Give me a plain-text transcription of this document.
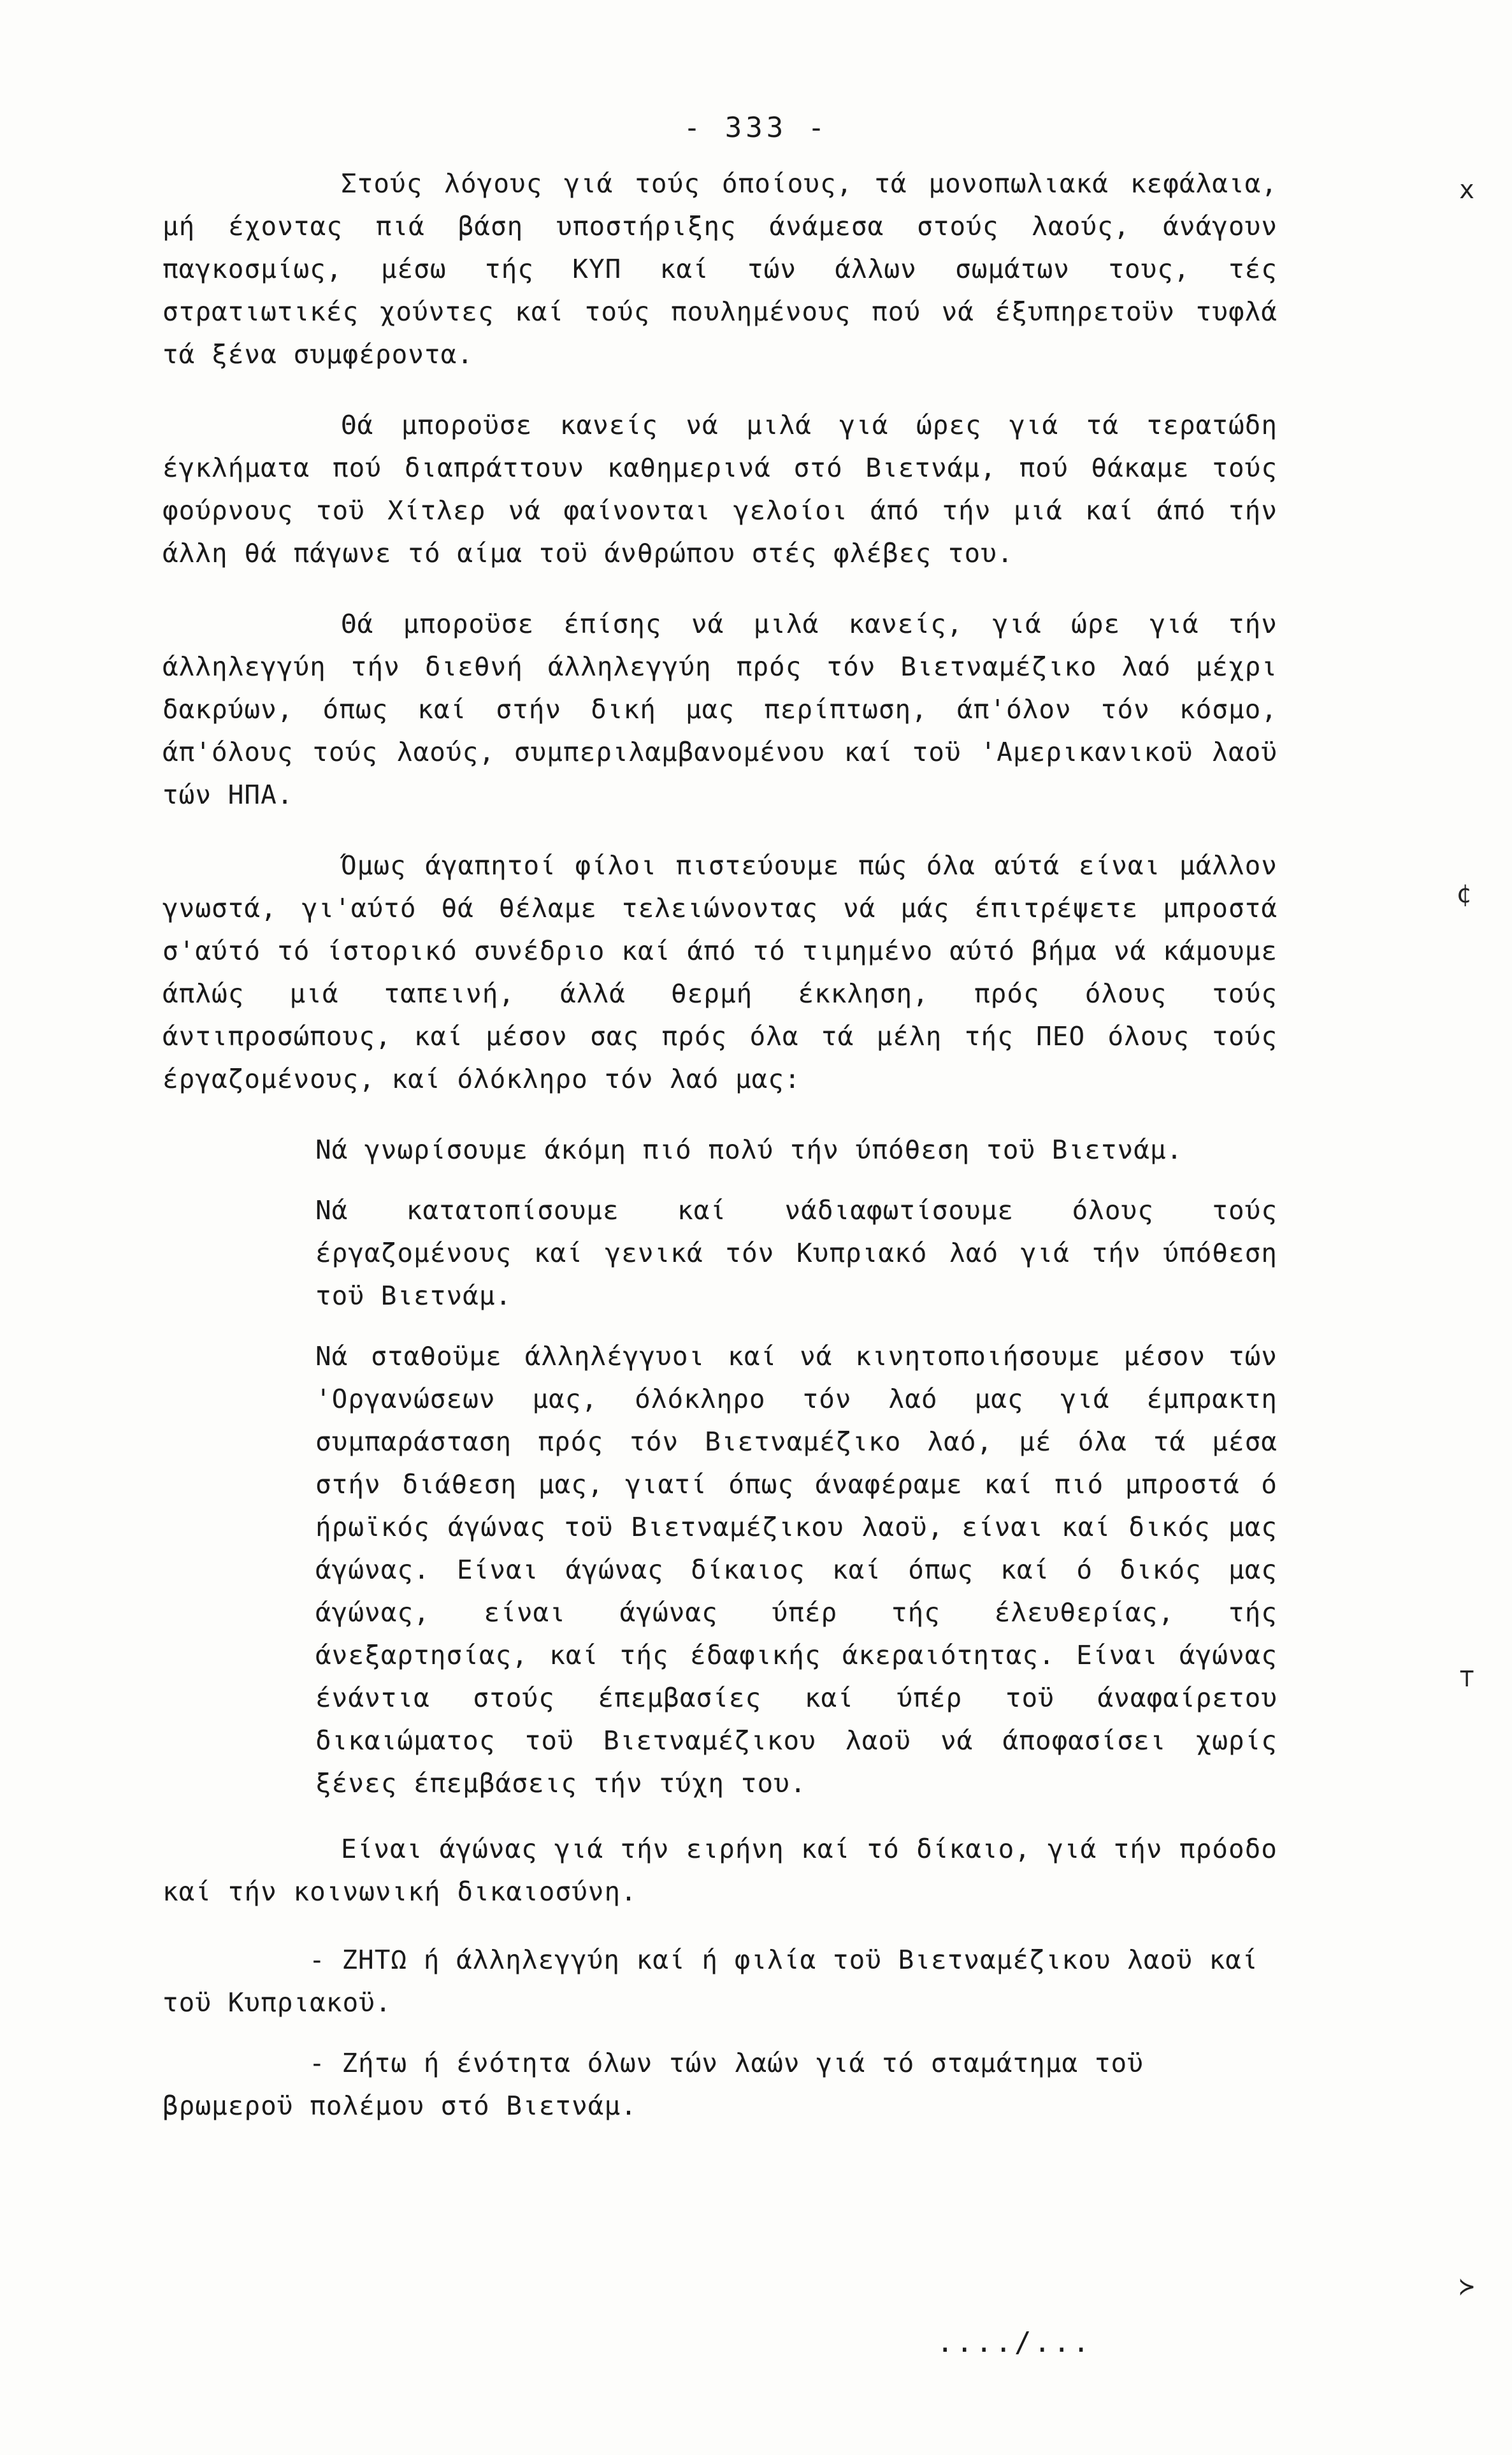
- 333 -

Στούς λόγους γιά τούς όποίους, τά μονοπωλιακά κεφάλαια, μή έχοντας πιά βάση υποστήριξης άνάμεσα στούς λαούς, άνάγουν παγκοσμίως, μέσω τής ΚΥΠ καί τών άλλων σωμάτων τους, τές στρατιωτικές χούντες καί τούς πουλημένους πού νά έξυπηρετοϋν τυφλά τά ξένα συμφέροντα.

Θά μποροϋσε κανείς νά μιλά γιά ώρες γιά τά τερατώδη έγκλήματα πού διαπράττουν καθημερινά στό Βιετνάμ, πού θάκαμε τούς φούρνους τοϋ Χίτλερ νά φαίνονται γελοίοι άπό τήν μιά καί άπό τήν άλλη θά πάγωνε τό αίμα τοϋ άνθρώπου στές φλέβες του.

Θά μποροϋσε έπίσης νά μιλά κανείς, γιά ώρε γιά τήν άλληλεγγύη τήν διεθνή άλληλεγγύη πρός τόν Βιετναμέζικο λαό μέχρι δακρύων, όπως καί στήν δική μας περίπτωση, άπ'όλον τόν κόσμο, άπ'όλους τούς λαούς, συμπεριλαμβανομένου καί τοϋ 'Αμερικανικοϋ λαοϋ τών ΗΠΑ.

Όμως άγαπητοί φίλοι πιστεύουμε πώς όλα αύτά είναι μάλλον γνωστά, γι'αύτό θά θέλαμε τελειώνοντας νά μάς έπιτρέψετε μπροστά σ'αύτό τό ίστορικό συνέδριο καί άπό τό τιμημένο αύτό βήμα νά κάμουμε άπλώς μιά ταπεινή, άλλά θερμή έκκληση, πρός όλους τούς άντιπροσώπους, καί μέσον σας πρός όλα τά μέλη τής ΠΕΟ όλους τούς έργαζομένους, καί όλόκληρο τόν λαό μας:

Νά γνωρίσουμε άκόμη πιό πολύ τήν ύπόθεση τοϋ Βιετνάμ.

Νά κατατοπίσουμε καί νάδιαφωτίσουμε όλους τούς έργαζομένους καί γενικά τόν Κυπριακό λαό γιά τήν ύπόθεση τοϋ Βιετνάμ.

Νά σταθοϋμε άλληλέγγυοι καί νά κινητοποιήσουμε μέσον τών 'Οργανώσεων μας, όλόκληρο τόν λαό μας γιά έμπρακτη συμπαράσταση πρός τόν Βιετναμέζικο λαό, μέ όλα τά μέσα στήν διάθεση μας, γιατί όπως άναφέραμε καί πιό μπροστά ό ήρωϊκός άγώνας τοϋ Βιετναμέζικου λαοϋ, είναι καί δικός μας άγώνας. Είναι άγώνας δίκαιος καί όπως καί ό δικός μας άγώνας, είναι άγώνας ύπέρ τής έλευθερίας, τής άνεξαρτησίας, καί τής έδαφικής άκεραιότητας. Είναι άγώνας ένάντια στούς έπεμβασίες καί ύπέρ τοϋ άναφαίρετου δικαιώματος τοϋ Βιετναμέζικου λαοϋ νά άποφασίσει χωρίς ξένες έπεμβάσεις τήν τύχη του.

Είναι άγώνας γιά τήν ειρήνη καί τό δίκαιο, γιά τήν πρόοδο καί τήν κοινωνική δικαιοσύνη.

- ΖΗΤΩ ή άλληλεγγύη καί ή φιλία τοϋ Βιετναμέζικου λαοϋ καί τοϋ Κυπριακοϋ.

- Ζήτω ή ένότητα όλων τών λαών γιά τό σταμάτημα τοϋ βρωμεροϋ πολέμου στό Βιετνάμ.

..../...
x
¢
⊤
≻
